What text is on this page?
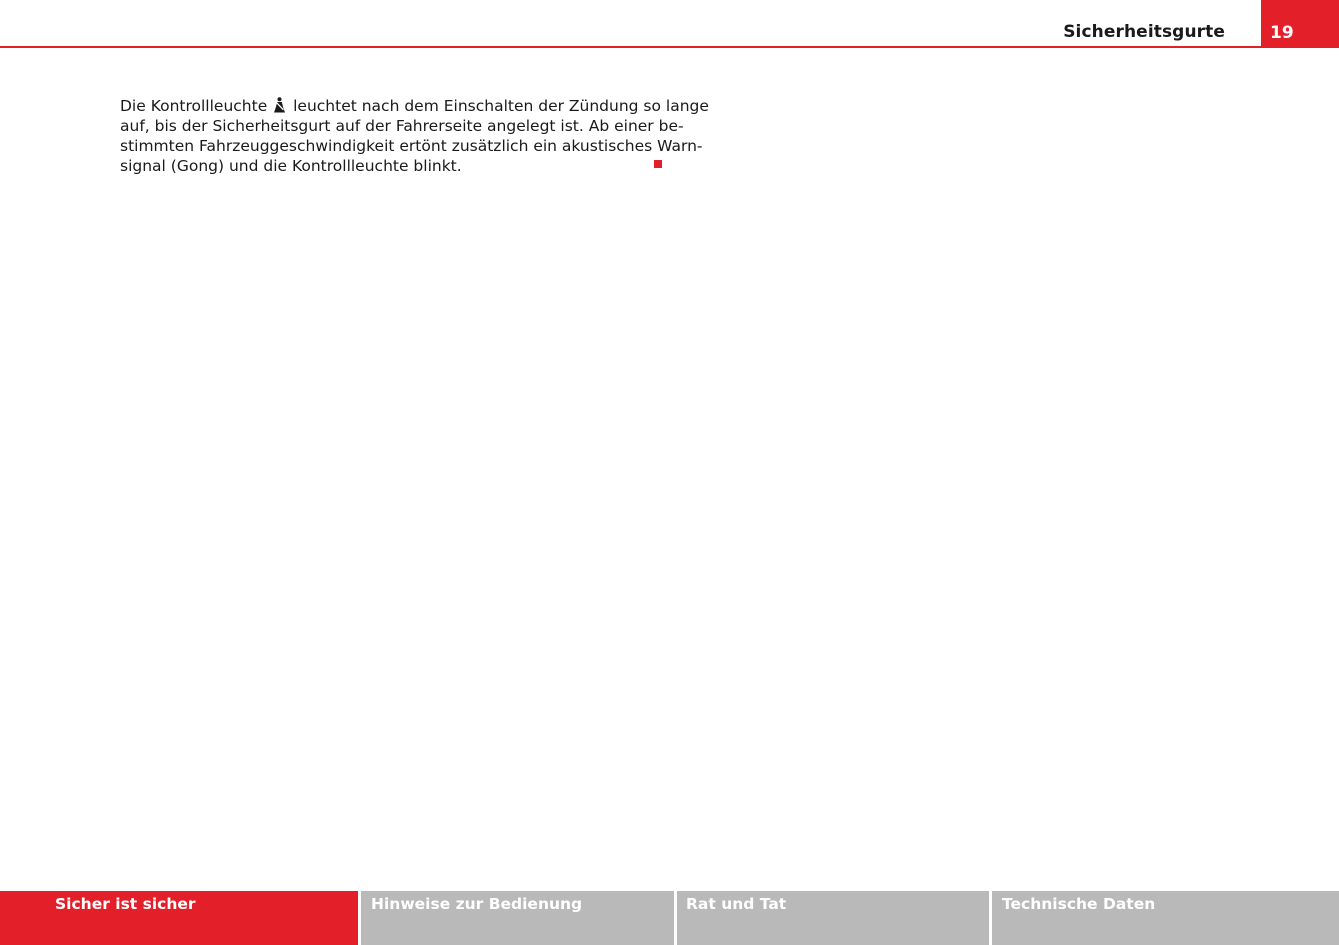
Sicherheitsgurte	19

Die Kontrollleuchte  leuchtet nach dem Einschalten der Zündung so lange
auf, bis der Sicherheitsgurt auf der Fahrerseite angelegt ist. Ab einer be-
stimmten Fahrzeuggeschwindigkeit ertönt zusätzlich ein akustisches Warn-
signal (Gong) und die Kontrollleuchte blinkt.

Sicher ist sicher	Hinweise zur Bedienung	Rat und Tat	Technische Daten
